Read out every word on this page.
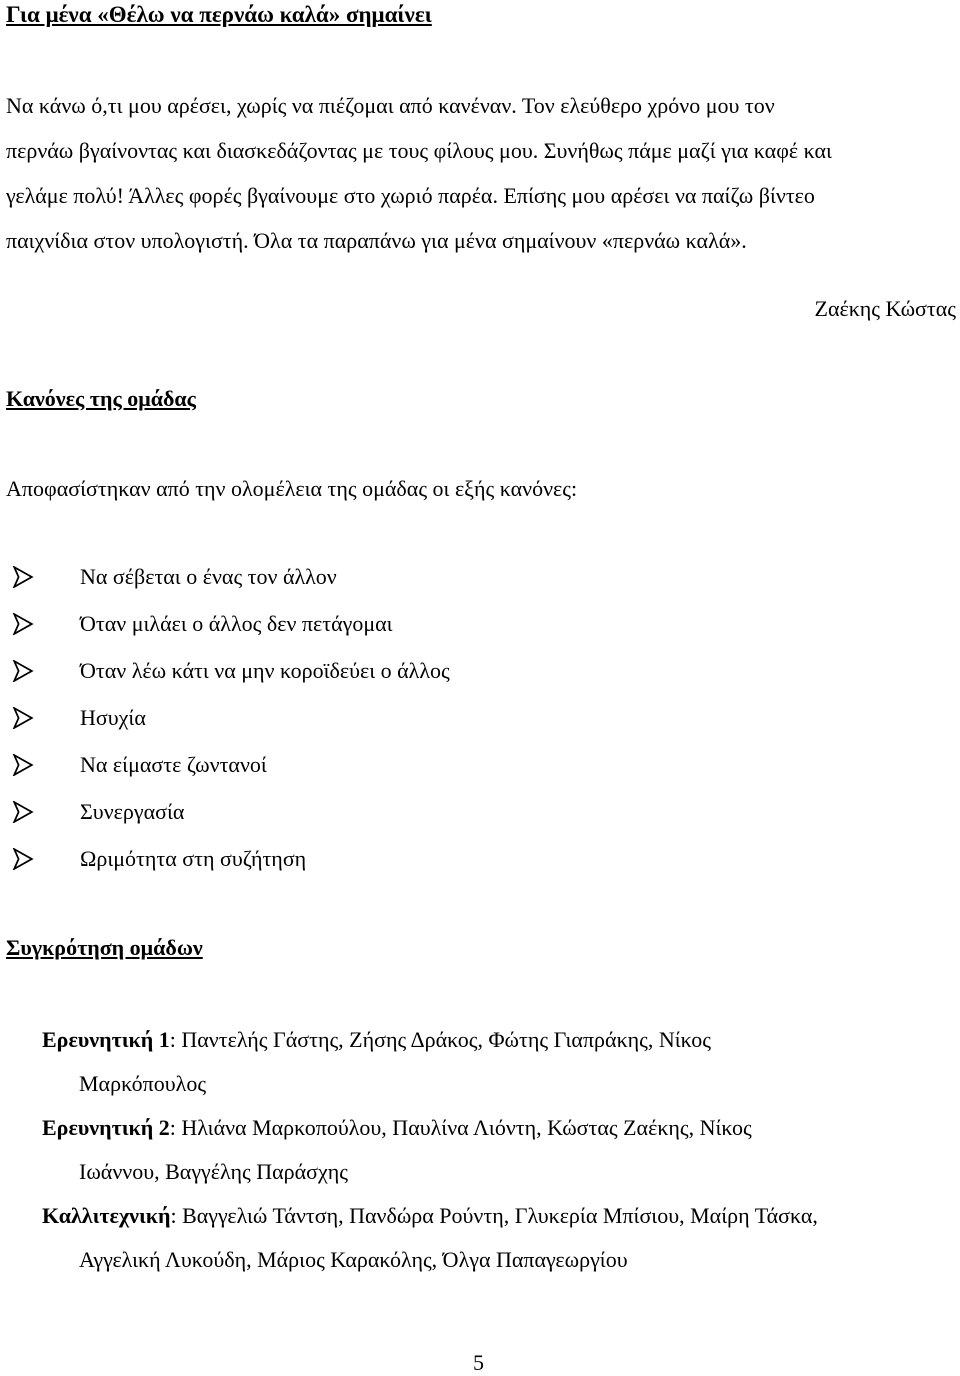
Για μένα «Θέλω να περνάω καλά» σημαίνει

Να κάνω ό,τι μου αρέσει, χωρίς να πιέζομαι από κανέναν. Τον ελεύθερο χρόνο μου τον

περνάω βγαίνοντας και διασκεδάζοντας με τους φίλους μου. Συνήθως πάμε μαζί για καφέ και

γελάμε πολύ! Άλλες φορές βγαίνουμε στο χωριό παρέα. Επίσης μου αρέσει να παίζω βίντεο

παιχνίδια στον υπολογιστή. Όλα τα παραπάνω για μένα σημαίνουν «περνάω καλά».

Ζαέκης Κώστας
Κανόνες της ομάδας
Αποφασίστηκαν από την ολομέλεια της ομάδας οι εξής κανόνες:
Να σέβεται ο ένας τον άλλον
Όταν μιλάει ο άλλος δεν πετάγομαι
Όταν λέω κάτι να μην κοροϊδεύει ο άλλος
Ησυχία
Να είμαστε ζωντανοί
Συνεργασία
Ωριμότητα στη συζήτηση
Συγκρότηση ομάδων

Ερευνητική 1: Παντελής Γάστης, Ζήσης Δράκος, Φώτης Γιαπράκης, Νίκος
Μαρκόπουλος

Ερευνητική 2: Ηλιάνα Μαρκοπούλου, Παυλίνα Λιόντη, Κώστας Ζαέκης, Νίκος
Ιωάννου, Βαγγέλης Παράσχης

Καλλιτεχνική: Βαγγελιώ Τάντση, Πανδώρα Ρούντη, Γλυκερία Μπίσιου, Μαίρη Τάσκα,
Αγγελική Λυκούδη, Μάριος Καρακόλης, Όλγα Παπαγεωργίου

5
